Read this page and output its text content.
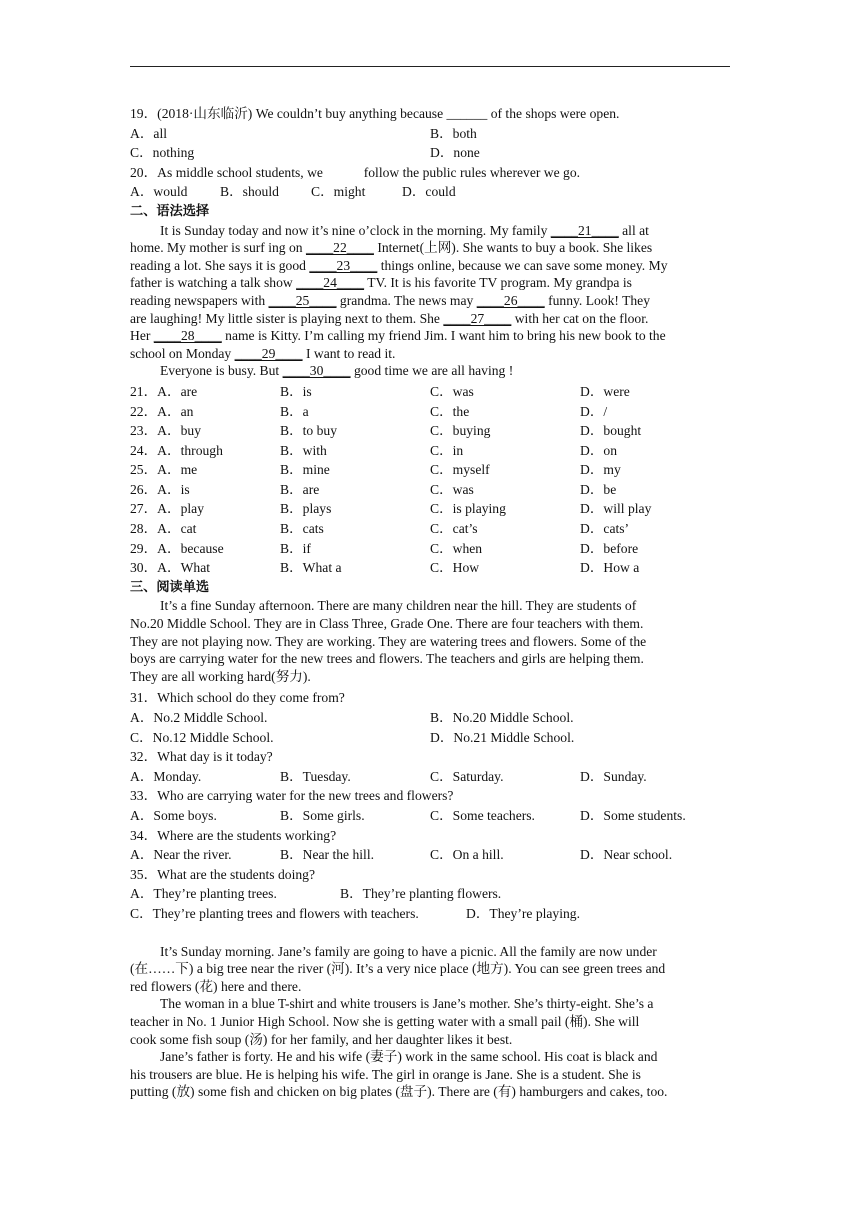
19．(2018·山东临沂) We couldn’t buy anything because ______ of the shops were open.
A．all	B．both
C．nothing	D．none
20．As middle school students, we            follow the public rules wherever we go.
A．would B．should C．might	D．could
二、语法选择
It is Sunday today and now it’s nine o’clock in the morning. My family ____21____ all at
home. My mother is surf ing on ____22____ Internet(上网). She wants to buy a book. She likes
reading a lot. She says it is good ____23____ things online, because we can save some money. My
father is watching a talk show ____24____ TV. It is his favorite TV program. My grandpa is
reading newspapers with ____25____ grandma. The news may ____26____ funny. Look! They
are laughing! My little sister is playing next to them. She ____27____ with her cat on the floor.
Her ____28____ name is Kitty. I’m calling my friend Jim. I want him to bring his new book to the
school on Monday ____29____ I want to read it.
Everyone is busy. But ____30____ good time we are all having !
21．A．are	B．is	C．was	D．were
22．A．an	B．a	C．the	D．/
23．A．buy	B．to buy	C．buying	D．bought
24．A．through	B．with	C．in	D．on
25．A．me	B．mine	C．myself	D．my
26．A．is	B．are	C．was	D．be
27．A．play	B．plays	C．is playing	D．will play
28．A．cat	B．cats	C．cat’s	D．cats’
29．A．because	B．if	C．when	D．before
30．A．What	B．What a	C．How	D．How a
三、阅读单选
It’s a fine Sunday afternoon. There are many children near the hill. They are students of
No.20 Middle School. They are in Class Three, Grade One. There are four teachers with them.
They are not playing now. They are working. They are watering trees and flowers. Some of the
boys are carrying water for the new trees and flowers. The teachers and girls are helping them.
They are all working hard(努力).
31．Which school do they come from?
A．No.2 Middle School.	B．No.20 Middle School.
C．No.12 Middle School.	D．No.21 Middle School.
32．What day is it today?
A．Monday.	B．Tuesday.	C．Saturday.	D．Sunday.
33．Who are carrying water for the new trees and flowers?
A．Some boys.	B．Some girls.	C．Some teachers.	D．Some students.
34．Where are the students working?
A．Near the river.	B．Near the hill.	C．On a hill.	D．Near school.
35．What are the students doing?
A．They’re planting trees.	B．They’re planting flowers.
C．They’re planting trees and flowers with teachers.	D．They’re playing.
It’s Sunday morning. Jane’s family are going to have a picnic. All the family are now under
(在……下) a big tree near the river (河). It’s a very nice place (地方). You can see green trees and
red flowers (花) here and there.
The woman in a blue T-shirt and white trousers is Jane’s mother. She’s thirty-eight. She’s a
teacher in No. 1 Junior High School. Now she is getting water with a small pail (桶). She will
cook some fish soup (汤) for her family, and her daughter likes it best.
Jane’s father is forty. He and his wife (妻子) work in the same school. His coat is black and
his trousers are blue. He is helping his wife. The girl in orange is Jane. She is a student. She is
putting (放) some fish and chicken on big plates (盘子). There are (有) hamburgers and cakes, too.
